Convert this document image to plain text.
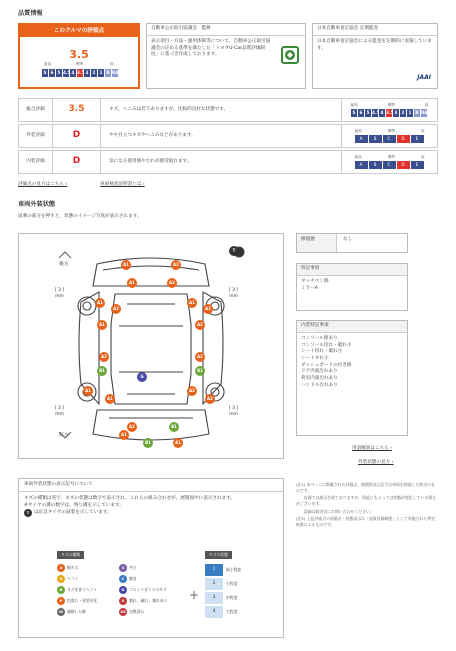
品質情報
このクルマの評価点
3.5
最高	標準	低
S 6 5 4.5 4 3.5 3 2 1 R RA
自動車公正取引協議会　監修
表示項目・方法・運用体制等について、自動車公正取引協議会の定める基準を満たした「トヨタU-Car品質評価制度」に基づき作成しております。
日本自動車査定協会 定期監査
日本自動車査定協会による監査を定期的に実施しています。
JAAI
総合評価	3.5	キズ、へこみは若干ありますが、比較的良好な状態です。
最高	標準	低
S 6 5 4.5 4 3.5 3 2 1 R RA
外装評価	D	やや目立つキズやへこみなどがあります。
最高	標準	低
A	B	C	D	E
内装評価	D	気になる使用感やたれが感受取れます。
最高	標準	低
A	B	C	D	E
評価点の見方はこちら ›	車両検査証明書とは ›
車両外装状態
試乗の部分を押すと、状態のイメージ写真が表示されます。
後方
前方
[ 3 ]
mm
[ 3 ]
mm
[ 3 ]
mm
[ 3 ]
mm
A1	A2
A1	A2
A1
A2
A1
A2
A1	A2
A2	A2
B1	B1
A1
A1
G
A2
A2
A2	B1
B1	A1
A1
T
修復歴	なし
特記事項
タッチペン跡
ミラーA
内装特記事項
コンソール擦あり
コンソール切れ・破れ小
シート切れ・破れ小
シートギれ小
ダッシュボードの付き跡
ドア内張汚れあり
荷室内張汚れあり
ハンドル汚れあり
用語解説はこちら ›
外装状態の見方 ›
車両外装状態の表示記号について
キズの種類は英字、キズの状態は数字で表示され、これらの組み合わせが、展開図中に表示されます。
※タイヤの溝の数字は、残り溝を示しています。
T	は応急タイヤの試着を示しています。
キズの種類
A	線キズ	S	サビ
U	ヘコミ	C	腐食
B	キズを伴うヘコミ	G	フロントガラスのキズ
P	色落ち・塗装劣化	X	割れ、破れ、割れあり
W	補修した跡	XX 交換済み
+
キズの状態
1	極小程度
2	小程度
3	中程度
4	大程度
(注1) 本ページに掲載された評価点、展開図表示記号は車両を検査した時点のものです。
　　店頭では展示を経ておりますが、保証にもよっては状態が変化している場合がございます。
　　詳細は販売店にお問い合わせください。
(注2) 上記評価点の評価点・状態表示は「品質評価制度」として実施された判定結果によるものです。
